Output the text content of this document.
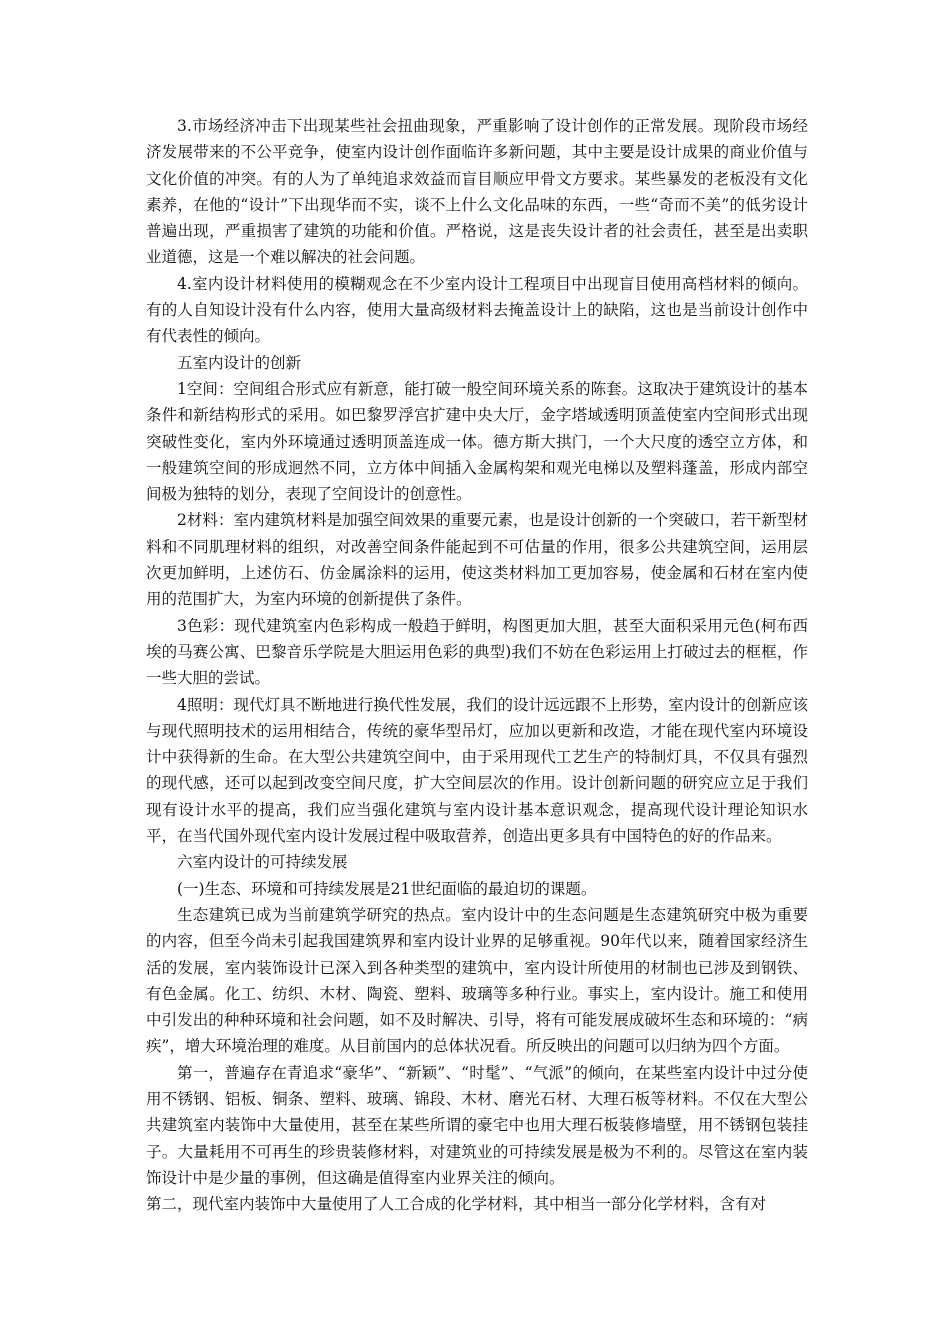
3.市场经济冲击下出现某些社会扭曲现象，严重影响了设计创作的正常发展。现阶段市场经济发展带来的不公平竞争，使室内设计创作面临许多新问题，其中主要是设计成果的商业价值与文化价值的冲突。有的人为了单纯追求效益而盲目顺应甲骨文方要求。某些暴发的老板没有文化素养，在他的“设计”下出现华而不实，谈不上什么文化品味的东西，一些“奇而不美”的低劣设计普遍出现，严重损害了建筑的功能和价值。严格说，这是丧失设计者的社会责任，甚至是出卖职业道德，这是一个难以解决的社会问题。

4.室内设计材料使用的模糊观念在不少室内设计工程项目中出现盲目使用高档材料的倾向。有的人自知设计没有什么内容，使用大量高级材料去掩盖设计上的缺陷，这也是当前设计创作中有代表性的倾向。

五室内设计的创新

1空间：空间组合形式应有新意，能打破一般空间环境关系的陈套。这取决于建筑设计的基本条件和新结构形式的采用。如巴黎罗浮宫扩建中央大厅，金字塔域透明顶盖使室内空间形式出现突破性变化，室内外环境通过透明顶盖连成一体。德方斯大拱门，一个大尺度的透空立方体，和一般建筑空间的形成迥然不同，立方体中间插入金属构架和观光电梯以及塑料蓬盖，形成内部空间极为独特的划分，表现了空间设计的创意性。

2材料：室内建筑材料是加强空间效果的重要元素，也是设计创新的一个突破口，若干新型材料和不同肌理材料的组织，对改善空间条件能起到不可估量的作用，很多公共建筑空间，运用层次更加鲜明，上述仿石、仿金属涂料的运用，使这类材料加工更加容易，使金属和石材在室内使用的范围扩大，为室内环境的创新提供了条件。

3色彩：现代建筑室内色彩构成一般趋于鲜明，构图更加大胆，甚至大面积采用元色(柯布西埃的马赛公寓、巴黎音乐学院是大胆运用色彩的典型)我们不妨在色彩运用上打破过去的框框，作一些大胆的尝试。

4照明：现代灯具不断地进行换代性发展，我们的设计远远跟不上形势，室内设计的创新应该与现代照明技术的运用相结合，传统的豪华型吊灯，应加以更新和改造，才能在现代室内环境设计中获得新的生命。在大型公共建筑空间中，由于采用现代工艺生产的特制灯具，不仅具有强烈的现代感，还可以起到改变空间尺度，扩大空间层次的作用。设计创新问题的研究应立足于我们现有设计水平的提高，我们应当强化建筑与室内设计基本意识观念，提高现代设计理论知识水平，在当代国外现代室内设计发展过程中吸取营养，创造出更多具有中国特色的好的作品来。

六室内设计的可持续发展

(一)生态、环境和可持续发展是21世纪面临的最迫切的课题。

生态建筑已成为当前建筑学研究的热点。室内设计中的生态问题是生态建筑研究中极为重要的内容，但至今尚未引起我国建筑界和室内设计业界的足够重视。90年代以来，随着国家经济生活的发展，室内装饰设计已深入到各种类型的建筑中，室内设计所使用的材制也已涉及到钢铁、有色金属。化工、纺织、木材、陶瓷、塑料、玻璃等多种行业。事实上，室内设计。施工和使用中引发出的种种环境和社会问题，如不及时解决、引导，将有可能发展成破坏生态和环境的：“病疾”，增大环境治理的难度。从目前国内的总体状况看。所反映出的问题可以归纳为四个方面。

第一，普遍存在青追求“豪华”、“新颖”、“时髦”、“气派”的倾向，在某些室内设计中过分使用不锈钢、铝板、铜条、塑料、玻璃、锦段、木材、磨光石材、大理石板等材料。不仅在大型公共建筑室内装饰中大量使用，甚至在某些所谓的豪宅中也用大理石板装修墙壁，用不锈钢包装挂子。大量耗用不可再生的珍贵装修材料，对建筑业的可持续发展是极为不利的。尽管这在室内装饰设计中是少量的事例，但这确是值得室内业界关注的倾向。

第二，现代室内装饰中大量使用了人工合成的化学材料，其中相当一部分化学材料，含有对
